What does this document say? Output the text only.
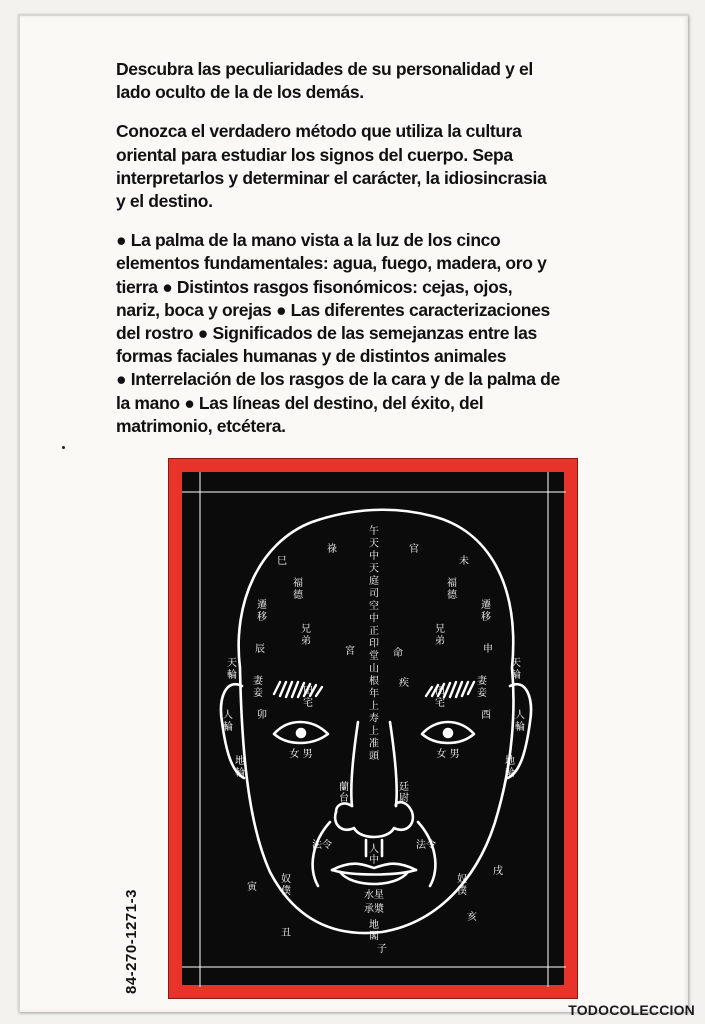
Descubra las peculiaridades de su personalidad y el
lado oculto de la de los demás.

Conozca el verdadero método que utiliza la cultura
oriental para estudiar los signos del cuerpo. Sepa
interpretarlos y determinar el carácter, la idiosincrasia
y el destino.

● La palma de la mano vista a la luz de los cinco
elementos fundamentales: agua, fuego, madera, oro y
tierra ● Distintos rasgos fisonómicos: cejas, ojos,
nariz, boca y orejas ● Las diferentes caracterizaciones
del rostro ● Significados de las semejanzas entre las
formas faciales humanas y de distintos animales
● Interrelación de los rasgos de la cara y de la palma de
la mano ● Las líneas del destino, del éxito, del
matrimonio, etcétera.

午
天
中
天
庭
司
空
中
正
印
堂
山
根
年
上
寿
上
准
頭
巳
祿	官
未
福
德
福
德
遷
移
遷
移
辰	申
兄
弟
兄
弟
宮	命
疾
田
宅
田
宅
妻
妾
妻
妾
卯	酉
天
輪
天
輪
人
輪
人
輪
地
輪
地
輪
女 男	女 男
蘭
台
廷
尉
人
中
法令	法令
水星
承漿
奴
僕
奴
僕
寅
戌
丑
亥
地
閣
子
84-270-1271-3
TODOCOLECCION
